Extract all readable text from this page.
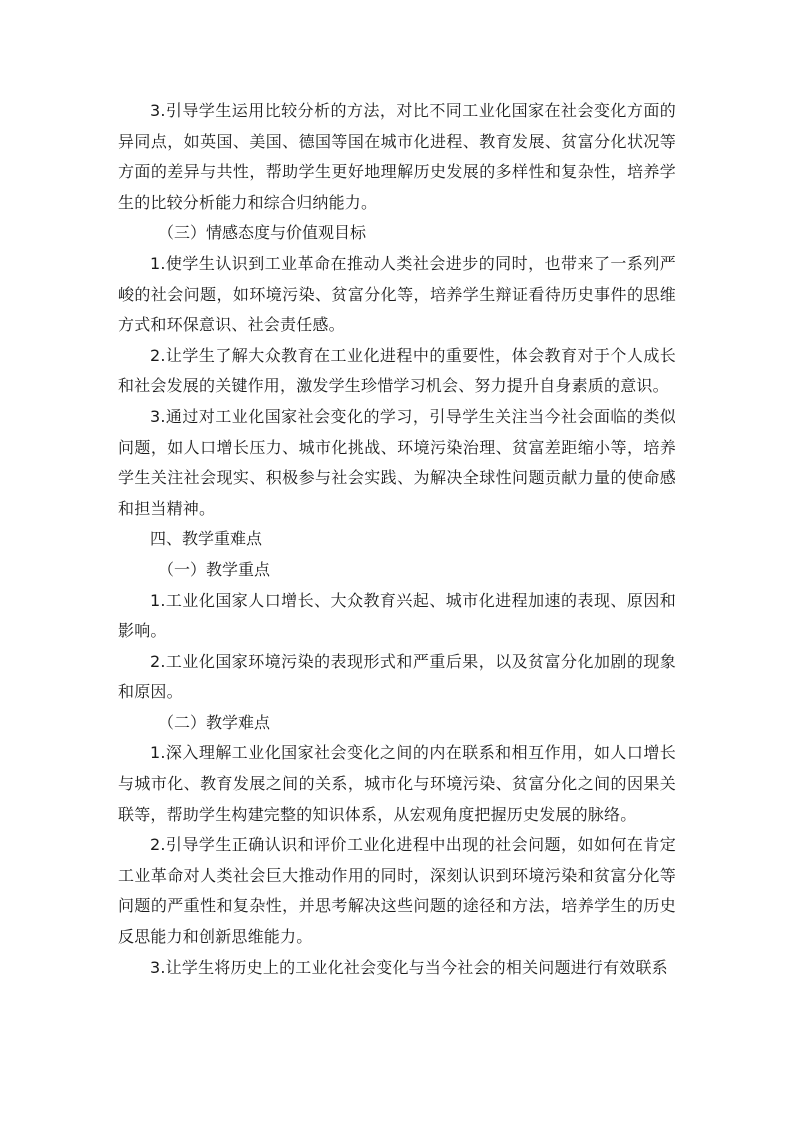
3.引导学生运用比较分析的方法，对比不同工业化国家在社会变化方面的异同点，如英国、美国、德国等国在城市化进程、教育发展、贫富分化状况等方面的差异与共性，帮助学生更好地理解历史发展的多样性和复杂性，培养学生的比较分析能力和综合归纳能力。

（三）情感态度与价值观目标

1.使学生认识到工业革命在推动人类社会进步的同时，也带来了一系列严峻的社会问题，如环境污染、贫富分化等，培养学生辩证看待历史事件的思维方式和环保意识、社会责任感。

2.让学生了解大众教育在工业化进程中的重要性，体会教育对于个人成长和社会发展的关键作用，激发学生珍惜学习机会、努力提升自身素质的意识。

3.通过对工业化国家社会变化的学习，引导学生关注当今社会面临的类似问题，如人口增长压力、城市化挑战、环境污染治理、贫富差距缩小等，培养学生关注社会现实、积极参与社会实践、为解决全球性问题贡献力量的使命感和担当精神。

四、教学重难点

（一）教学重点

1.工业化国家人口增长、大众教育兴起、城市化进程加速的表现、原因和影响。

2.工业化国家环境污染的表现形式和严重后果，以及贫富分化加剧的现象和原因。

（二）教学难点

1.深入理解工业化国家社会变化之间的内在联系和相互作用，如人口增长与城市化、教育发展之间的关系，城市化与环境污染、贫富分化之间的因果关联等，帮助学生构建完整的知识体系，从宏观角度把握历史发展的脉络。

2.引导学生正确认识和评价工业化进程中出现的社会问题，如如何在肯定工业革命对人类社会巨大推动作用的同时，深刻认识到环境污染和贫富分化等问题的严重性和复杂性，并思考解决这些问题的途径和方法，培养学生的历史反思能力和创新思维能力。

3.让学生将历史上的工业化社会变化与当今社会的相关问题进行有效联系
